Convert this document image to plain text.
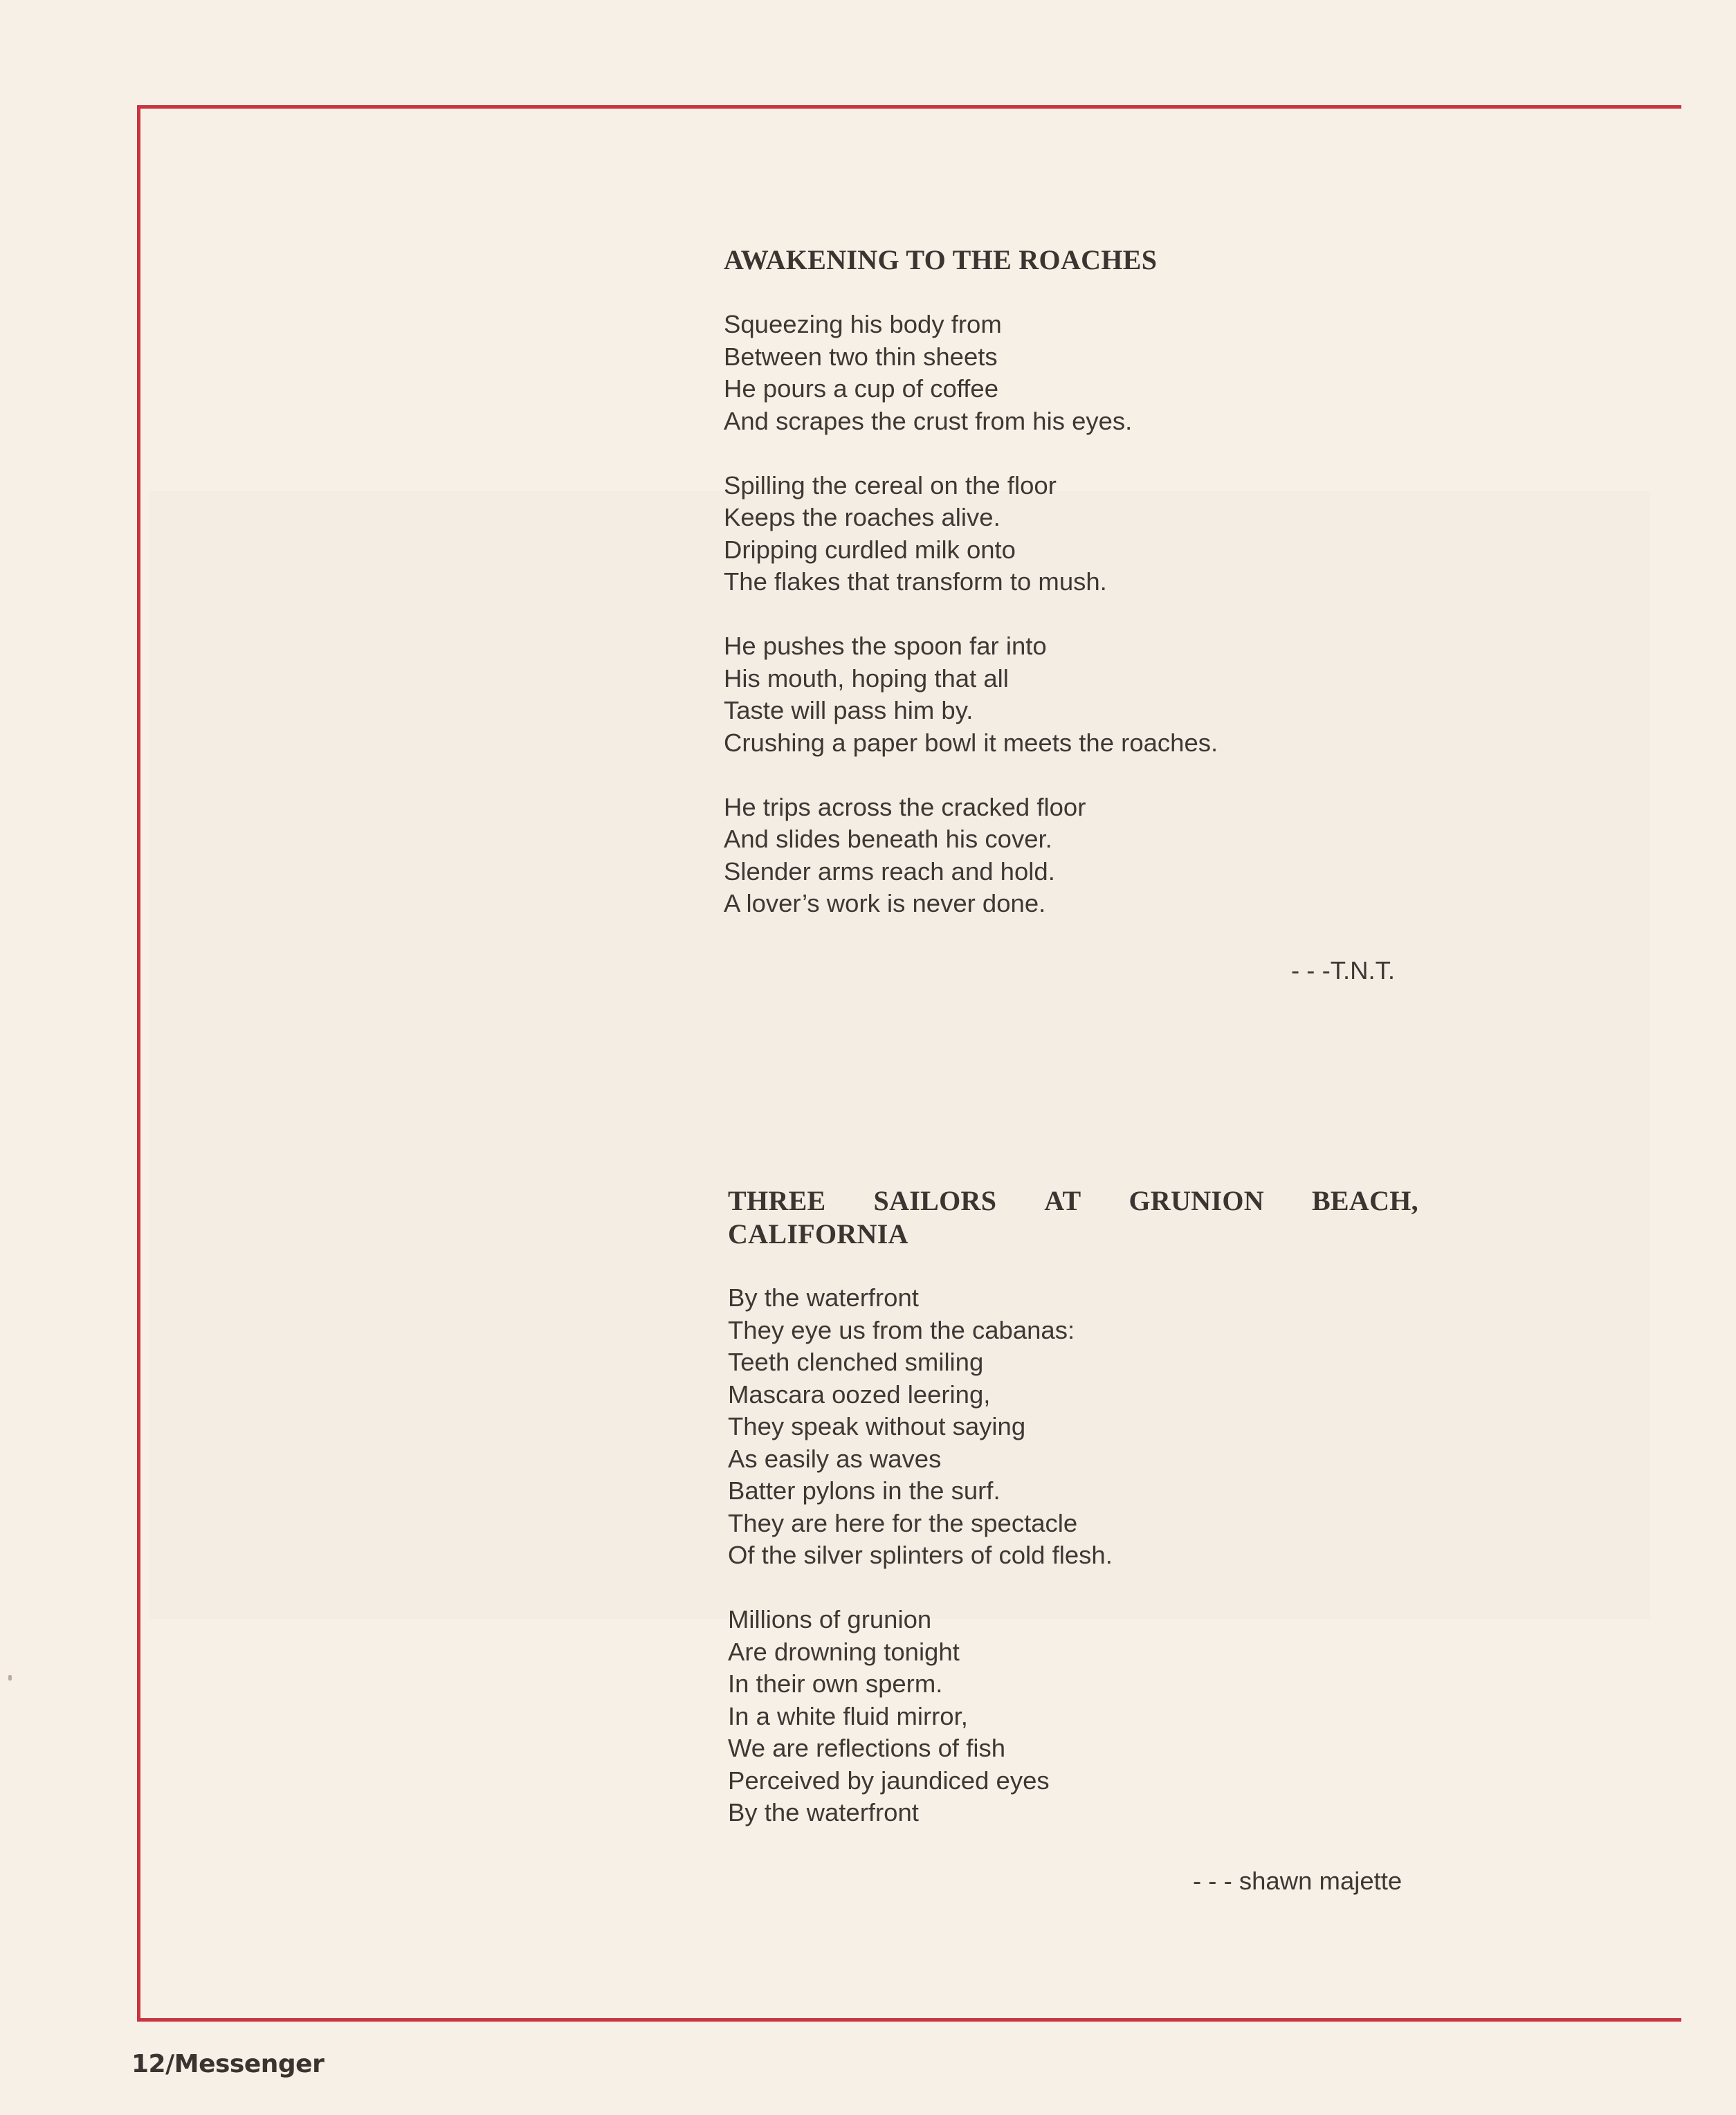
AWAKENING TO THE ROACHES

Squeezing his body from
Between two thin sheets
He pours a cup of coffee
And scrapes the crust from his eyes.

Spilling the cereal on the floor
Keeps the roaches alive.
Dripping curdled milk onto
The flakes that transform to mush.

He pushes the spoon far into
His mouth, hoping that all
Taste will pass him by.
Crushing a paper bowl it meets the roaches.

He trips across the cracked floor
And slides beneath his cover.
Slender arms reach and hold.
A lover’s work is never done.

- - -T.N.T.
THREE SAILORS AT GRUNION BEACH,
CALIFORNIA

By the waterfront
They eye us from the cabanas:
Teeth clenched smiling
Mascara oozed leering,
They speak without saying
As easily as waves
Batter pylons in the surf.
They are here for the spectacle
Of the silver splinters of cold flesh.

Millions of grunion
Are drowning tonight
In their own sperm.
In a white fluid mirror,
We are reflections of fish
Perceived by jaundiced eyes
By the waterfront

- - - shawn majette
12/Messenger
